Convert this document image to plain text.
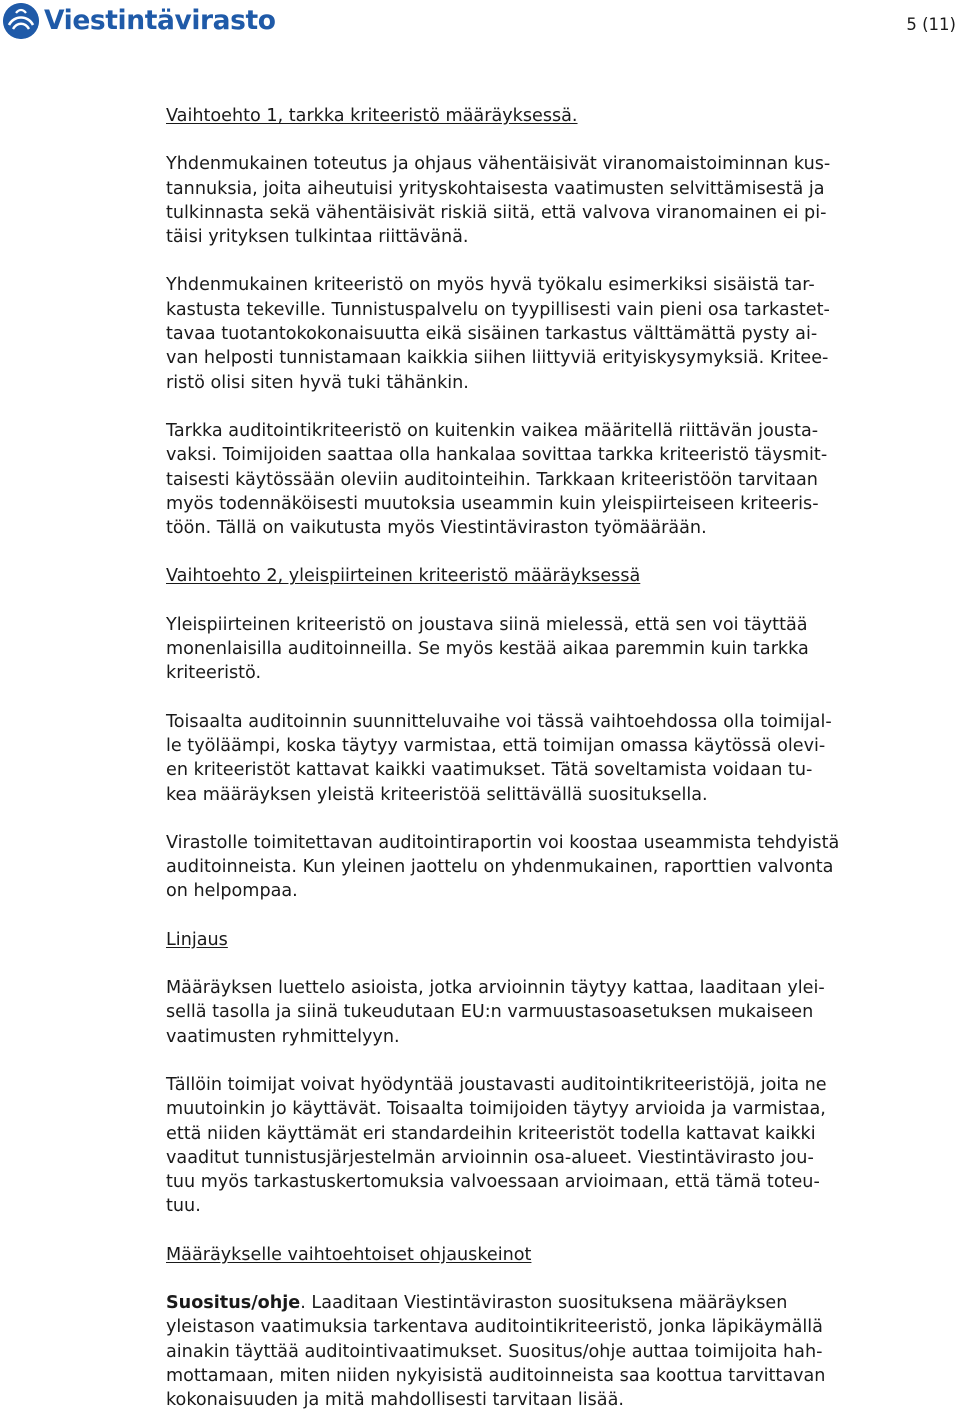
Viestintävirasto	5 (11)

Vaihtoehto 1, tarkka kriteeristö määräyksessä.

Yhdenmukainen toteutus ja ohjaus vähentäisivät viranomaistoiminnan kus-
tannuksia, joita aiheutuisi yrityskohtaisesta vaatimusten selvittämisestä ja
tulkinnasta sekä vähentäisivät riskiä siitä, että valvova viranomainen ei pi-
täisi yrityksen tulkintaa riittävänä.

Yhdenmukainen kriteeristö on myös hyvä työkalu esimerkiksi sisäistä tar-
kastusta tekeville. Tunnistuspalvelu on tyypillisesti vain pieni osa tarkastet-
tavaa tuotantokokonaisuutta eikä sisäinen tarkastus välttämättä pysty ai-
van helposti tunnistamaan kaikkia siihen liittyviä erityiskysymyksiä. Kritee-
ristö olisi siten hyvä tuki tähänkin.

Tarkka auditointikriteeristö on kuitenkin vaikea määritellä riittävän jousta-
vaksi. Toimijoiden saattaa olla hankalaa sovittaa tarkka kriteeristö täysmit-
taisesti käytössään oleviin auditointeihin. Tarkkaan kriteeristöön tarvitaan
myös todennäköisesti muutoksia useammin kuin yleispiirteiseen kriteeris-
töön. Tällä on vaikutusta myös Viestintäviraston työmäärään.

Vaihtoehto 2, yleispiirteinen kriteeristö määräyksessä

Yleispiirteinen kriteeristö on joustava siinä mielessä, että sen voi täyttää
monenlaisilla auditoinneilla. Se myös kestää aikaa paremmin kuin tarkka
kriteeristö.

Toisaalta auditoinnin suunnitteluvaihe voi tässä vaihtoehdossa olla toimijal-
le työläämpi, koska täytyy varmistaa, että toimijan omassa käytössä olevi-
en kriteeristöt kattavat kaikki vaatimukset. Tätä soveltamista voidaan tu-
kea määräyksen yleistä kriteeristöä selittävällä suosituksella.

Virastolle toimitettavan auditointiraportin voi koostaa useammista tehdyistä
auditoinneista. Kun yleinen jaottelu on yhdenmukainen, raporttien valvonta
on helpompaa.

Linjaus

Määräyksen luettelo asioista, jotka arvioinnin täytyy kattaa, laaditaan ylei-
sellä tasolla ja siinä tukeudutaan EU:n varmuustasoasetuksen mukaiseen
vaatimusten ryhmittelyyn.

Tällöin toimijat voivat hyödyntää joustavasti auditointikriteeristöjä, joita ne
muutoinkin jo käyttävät. Toisaalta toimijoiden täytyy arvioida ja varmistaa,
että niiden käyttämät eri standardeihin kriteeristöt todella kattavat kaikki
vaaditut tunnistusjärjestelmän arvioinnin osa-alueet. Viestintävirasto jou-
tuu myös tarkastuskertomuksia valvoessaan arvioimaan, että tämä toteu-
tuu.

Määräykselle vaihtoehtoiset ohjauskeinot

Suositus/ohje. Laaditaan Viestintäviraston suosituksena määräyksen
yleistason vaatimuksia tarkentava auditointikriteeristö, jonka läpikäymällä
ainakin täyttää auditointivaatimukset. Suositus/ohje auttaa toimijoita hah-
mottamaan, miten niiden nykyisistä auditoinneista saa koottua tarvittavan
kokonaisuuden ja mitä mahdollisesti tarvitaan lisää.
